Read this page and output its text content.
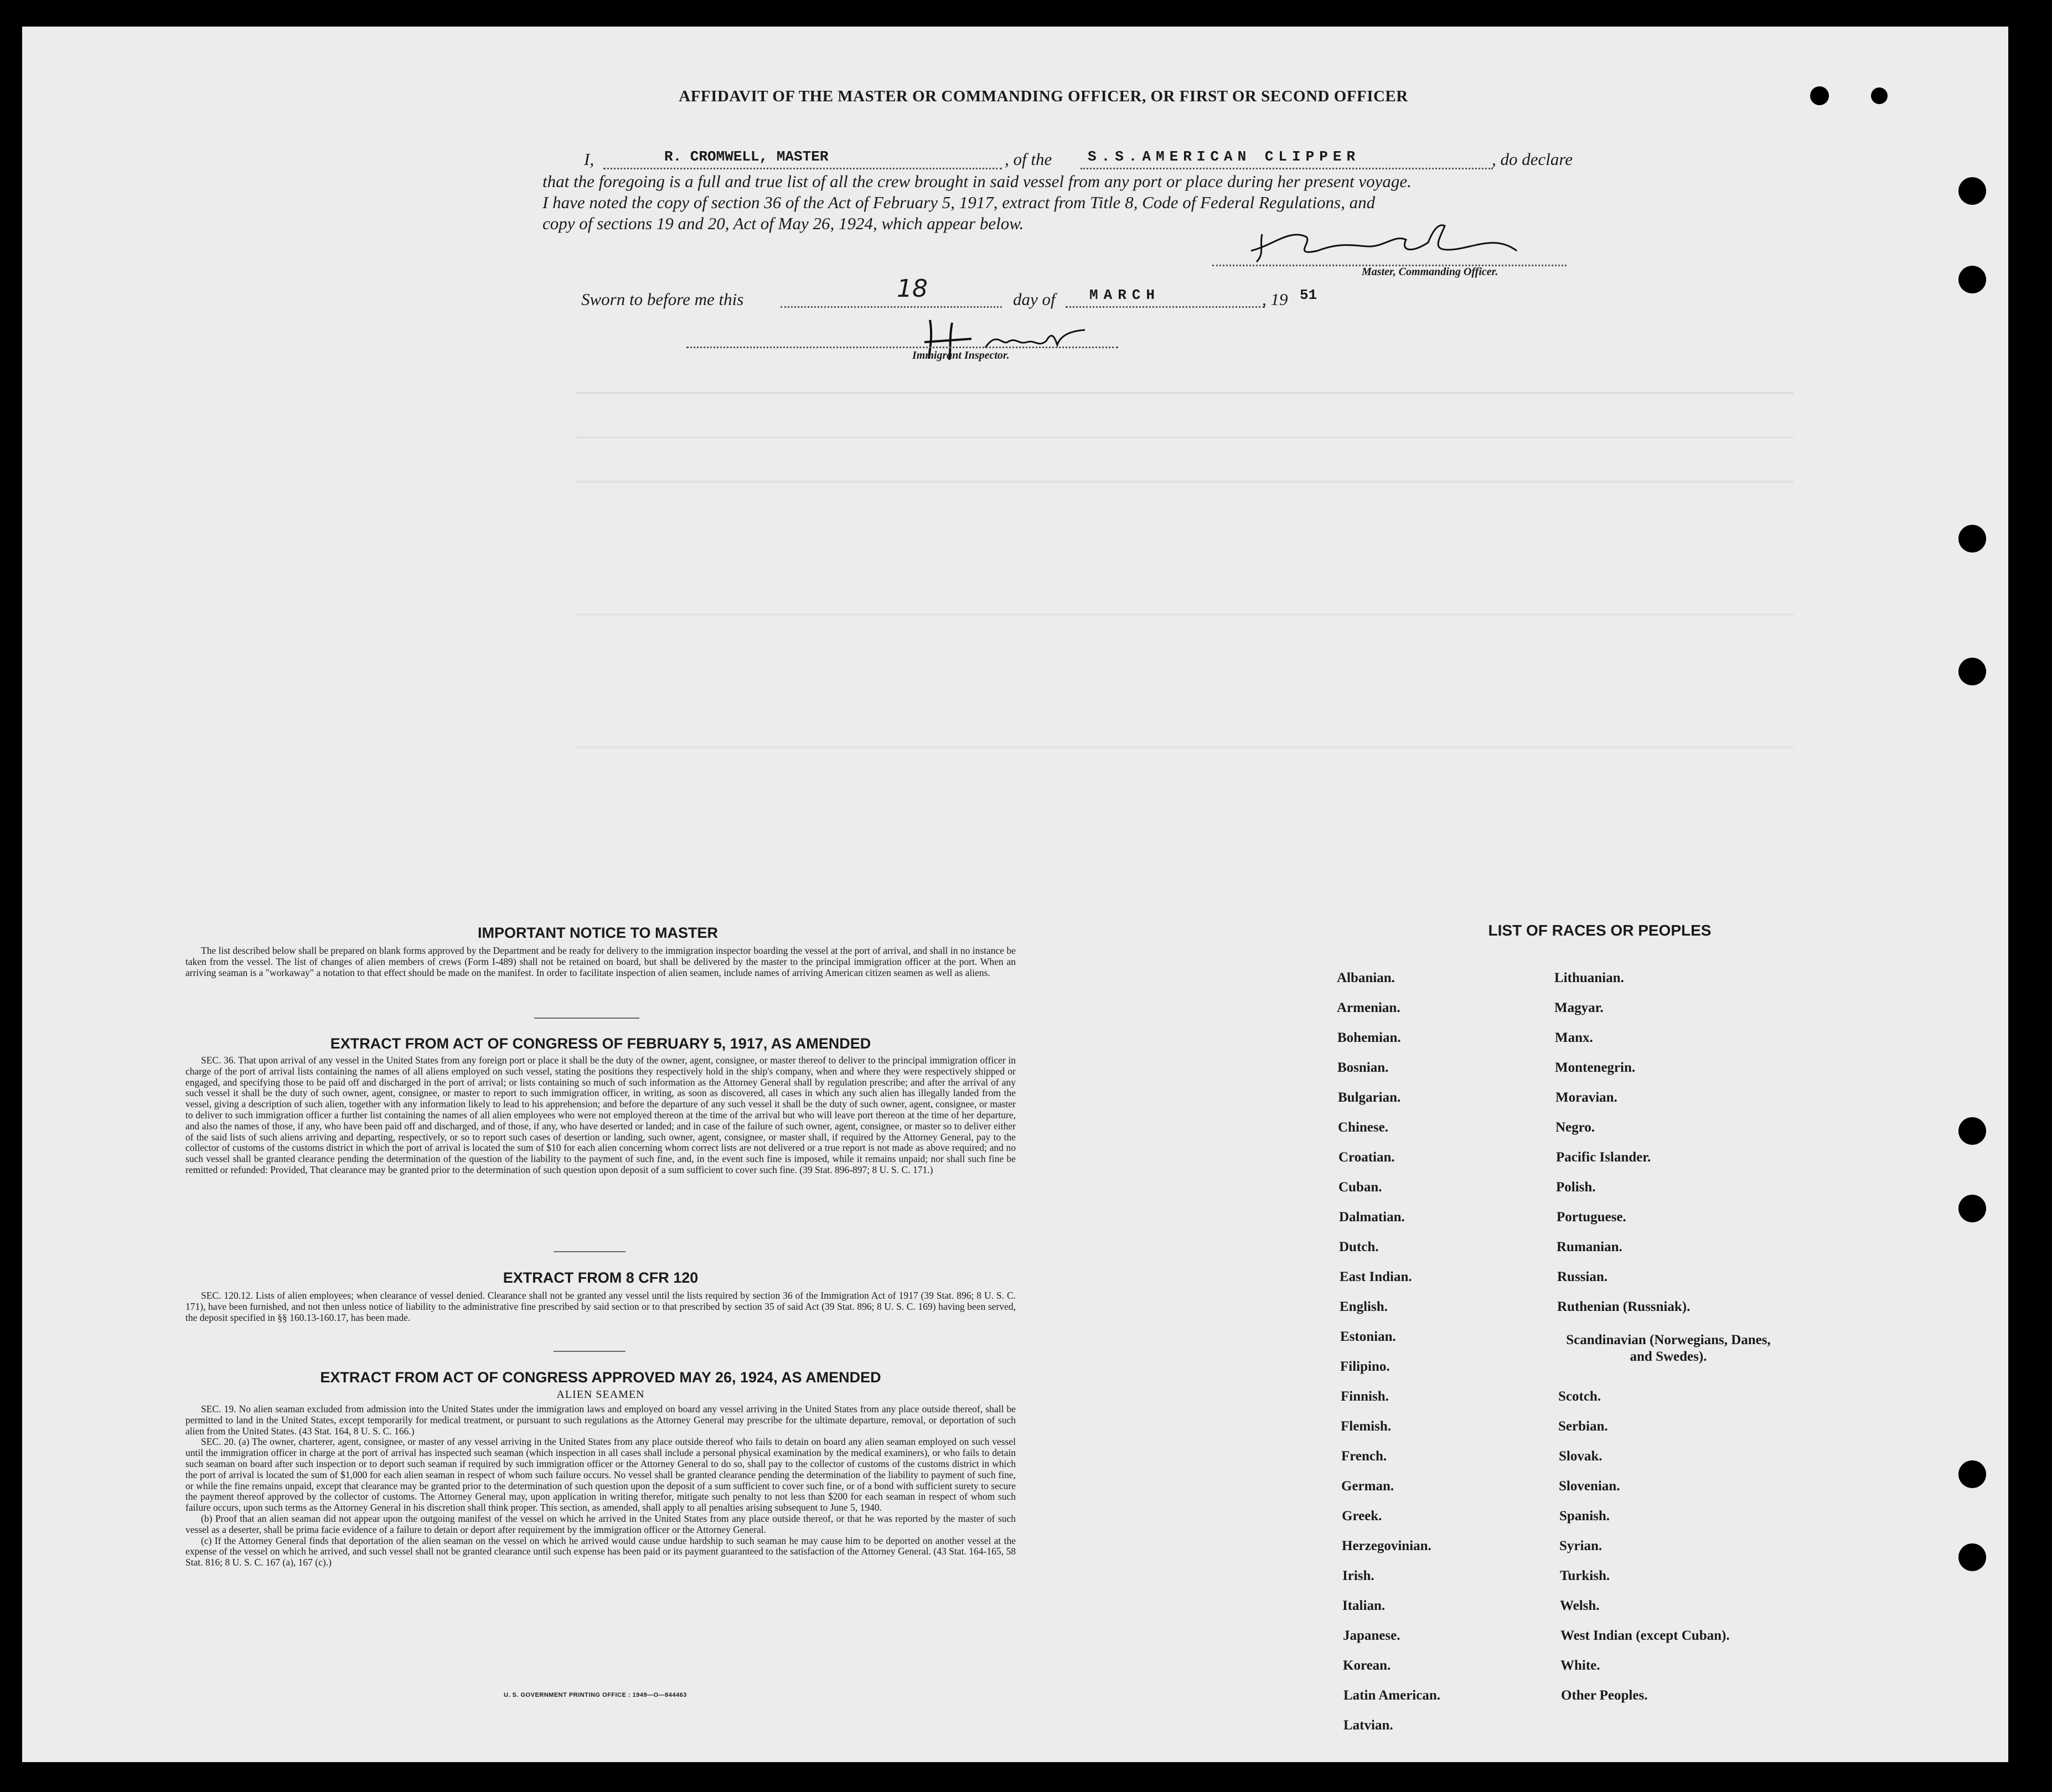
AFFIDAVIT OF THE MASTER OR COMMANDING OFFICER, OR FIRST OR SECOND OFFICER
I,	R. CROMWELL, MASTER	, of the S.S.AMERICAN CLIPPER	, do declare
that the foregoing is a full and true list of all the crew brought in said vessel from any port or place during her present voyage.
I have noted the copy of section 36 of the Act of February 5, 1917, extract from Title 8, Code of Federal Regulations, and
copy of sections 19 and 20, Act of May 26, 1924, which appear below.
Master, Commanding Officer.
Sworn to before me this	18	day of MARCH	, 19 51
Immigrant Inspector.
IMPORTANT NOTICE TO MASTER

The list described below shall be prepared on blank forms approved by the Department and be ready for delivery to the immigration inspector boarding the vessel at the port of arrival, and shall in no instance be taken from the vessel. The list of changes of alien members of crews (Form I-489) shall not be retained on board, but shall be delivered by the master to the principal immigration officer at the port. When an arriving seaman is a "workaway" a notation to that effect should be made on the manifest. In order to facilitate inspection of alien seamen, include names of arriving American citizen seamen as well as aliens.

EXTRACT FROM ACT OF CONGRESS OF FEBRUARY 5, 1917, AS AMENDED

SEC. 36. That upon arrival of any vessel in the United States from any foreign port or place it shall be the duty of the owner, agent, consignee, or master thereof to deliver to the principal immigration officer in charge of the port of arrival lists containing the names of all aliens employed on such vessel, stating the positions they respectively hold in the ship's company, when and where they were respectively shipped or engaged, and specifying those to be paid off and discharged in the port of arrival; or lists containing so much of such information as the Attorney General shall by regulation prescribe; and after the arrival of any such vessel it shall be the duty of such owner, agent, consignee, or master to report to such immigration officer, in writing, as soon as discovered, all cases in which any such alien has illegally landed from the vessel, giving a description of such alien, together with any information likely to lead to his apprehension; and before the departure of any such vessel it shall be the duty of such owner, agent, consignee, or master to deliver to such immigration officer a further list containing the names of all alien employees who were not employed thereon at the time of the arrival but who will leave port thereon at the time of her departure, and also the names of those, if any, who have been paid off and discharged, and of those, if any, who have deserted or landed; and in case of the failure of such owner, agent, consignee, or master so to deliver either of the said lists of such aliens arriving and departing, respectively, or so to report such cases of desertion or landing, such owner, agent, consignee, or master shall, if required by the Attorney General, pay to the collector of customs of the customs district in which the port of arrival is located the sum of $10 for each alien concerning whom correct lists are not delivered or a true report is not made as above required; and no such vessel shall be granted clearance pending the determination of the question of the liability to the payment of such fine, and, in the event such fine is imposed, while it remains unpaid; nor shall such fine be remitted or refunded: Provided, That clearance may be granted prior to the determination of such question upon deposit of a sum sufficient to cover such fine. (39 Stat. 896-897; 8 U. S. C. 171.)

EXTRACT FROM 8 CFR 120

SEC. 120.12. Lists of alien employees; when clearance of vessel denied. Clearance shall not be granted any vessel until the lists required by section 36 of the Immigration Act of 1917 (39 Stat. 896; 8 U. S. C. 171), have been furnished, and not then unless notice of liability to the administrative fine prescribed by said section or to that prescribed by section 35 of said Act (39 Stat. 896; 8 U. S. C. 169) having been served, the deposit specified in §§ 160.13-160.17, has been made.

EXTRACT FROM ACT OF CONGRESS APPROVED MAY 26, 1924, AS AMENDED
ALIEN SEAMEN

SEC. 19. No alien seaman excluded from admission into the United States under the immigration laws and employed on board any vessel arriving in the United States from any place outside thereof, shall be permitted to land in the United States, except temporarily for medical treatment, or pursuant to such regulations as the Attorney General may prescribe for the ultimate departure, removal, or deportation of such alien from the United States. (43 Stat. 164, 8 U. S. C. 166.)

SEC. 20. (a) The owner, charterer, agent, consignee, or master of any vessel arriving in the United States from any place outside thereof who fails to detain on board any alien seaman employed on such vessel until the immigration officer in charge at the port of arrival has inspected such seaman (which inspection in all cases shall include a personal physical examination by the medical examiners), or who fails to detain such seaman on board after such inspection or to deport such seaman if required by such immigration officer or the Attorney General to do so, shall pay to the collector of customs of the customs district in which the port of arrival is located the sum of $1,000 for each alien seaman in respect of whom such failure occurs. No vessel shall be granted clearance pending the determination of the liability to payment of such fine, or while the fine remains unpaid, except that clearance may be granted prior to the determination of such question upon the deposit of a sum sufficient to cover such fine, or of a bond with sufficient surety to secure the payment thereof approved by the collector of customs. The Attorney General may, upon application in writing therefor, mitigate such penalty to not less than $200 for each seaman in respect of whom such failure occurs, upon such terms as the Attorney General in his discretion shall think proper. This section, as amended, shall apply to all penalties arising subsequent to June 5, 1940.

(b) Proof that an alien seaman did not appear upon the outgoing manifest of the vessel on which he arrived in the United States from any place outside thereof, or that he was reported by the master of such vessel as a deserter, shall be prima facie evidence of a failure to detain or deport after requirement by the immigration officer or the Attorney General.

(c) If the Attorney General finds that deportation of the alien seaman on the vessel on which he arrived would cause undue hardship to such seaman he may cause him to be deported on another vessel at the expense of the vessel on which he arrived, and such vessel shall not be granted clearance until such expense has been paid or its payment guaranteed to the satisfaction of the Attorney General. (43 Stat. 164-165, 58 Stat. 816; 8 U. S. C. 167 (a), 167 (c).)

U. S. GOVERNMENT PRINTING OFFICE : 1949—O—844463
LIST OF RACES OR PEOPLES
Albanian.
Armenian.
Bohemian.
Bosnian.
Bulgarian.
Chinese.
Croatian.
Cuban.
Dalmatian.
Dutch.
East Indian.
English.
Estonian.
Filipino.
Finnish.
Flemish.
French.
German.
Greek.
Herzegovinian.
Irish.
Italian.
Japanese.
Korean.
Latin American.
Latvian.
Lithuanian.
Magyar.
Manx.
Montenegrin.
Moravian.
Negro.
Pacific Islander.
Polish.
Portuguese.
Rumanian.
Russian.
Ruthenian (Russniak).
Scandinavian (Norwegians, Danes, and Swedes).
Scotch.
Serbian.
Slovak.
Slovenian.
Spanish.
Syrian.
Turkish.
Welsh.
West Indian (except Cuban).
White.
Other Peoples.
